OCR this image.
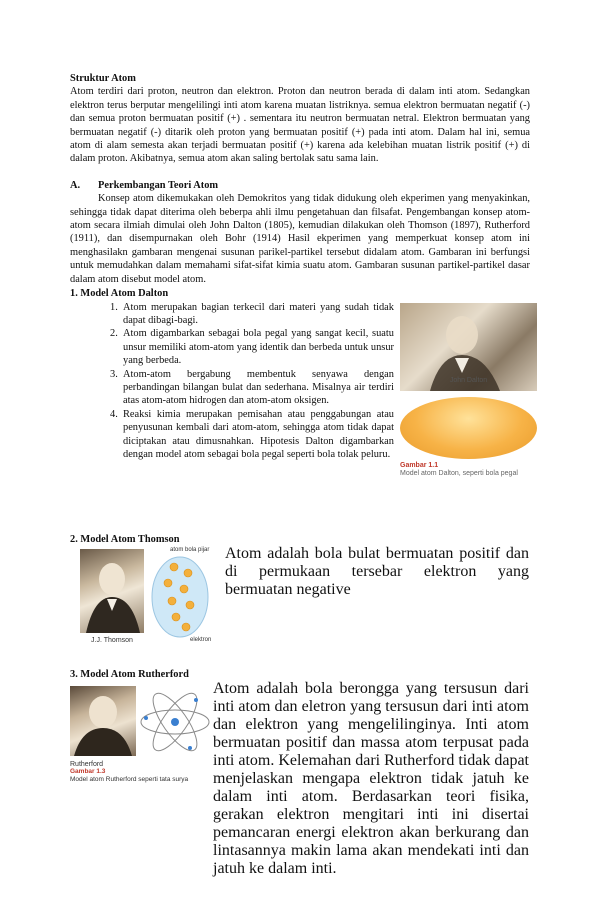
Struktur Atom

Atom terdiri dari proton, neutron dan elektron. Proton dan neutron berada di dalam inti atom. Sedangkan elektron terus berputar mengelilingi inti atom karena muatan listriknya. semua elektron bermuatan negatif (-) dan semua proton bermuatan positif (+) . sementara itu neutron bermuatan netral. Elektron bermuatan yang bermuatan negatif (-) ditarik oleh proton yang bermuatan positif (+) pada inti atom. Dalam hal ini, semua atom di alam semesta akan terjadi bermuatan positif (+) karena ada kelebihan muatan listrik positif (+) di dalam proton. Akibatnya, semua atom akan saling bertolak satu sama lain.

A.	Perkembangan Teori Atom

Konsep atom dikemukakan oleh Demokritos yang tidak didukung oleh ekperimen yang menyakinkan, sehingga tidak dapat diterima oleh beberpa ahli ilmu pengetahuan dan filsafat. Pengembangan konsep atom-atom secara ilmiah dimulai oleh John Dalton (1805), kemudian dilakukan oleh Thomson (1897), Rutherford (1911), dan disempurnakan oleh Bohr (1914) Hasil ekperimen yang memperkuat konsep atom ini menghasilakn gambaran mengenai susunan parikel-partikel tersebut didalam atom. Gambaran ini berfungsi untuk memudahkan dalam memahami sifat-sifat kimia suatu atom. Gambaran susunan partikel-partikel dasar dalam atom disebut model atom.

1. Model Atom Dalton

1. Atom merupakan bagian terkecil dari materi yang sudah tidak dapat dibagi-bagi.
2. Atom digambarkan sebagai bola pegal yang sangat kecil, suatu unsur memiliki atom-atom yang identik dan berbeda untuk unsur yang berbeda.
3. Atom-atom bergabung membentuk senyawa dengan perbandingan bilangan bulat dan sederhana. Misalnya air terdiri atas atom-atom hidrogen dan atom-atom oksigen.
4. Reaksi kimia merupakan pemisahan atau penggabungan atau penyusunan kembali dari atom-atom, sehingga atom tidak dapat diciptakan atau dimusnahkan. Hipotesis Dalton digambarkan dengan model atom sebagai bola pegal seperti bola tolak peluru.
John Dalton
Gambar 1.1
Model atom Dalton, seperti bola pegal
2. Model Atom Thomson
J.J. Thomson
atom bola pijar
elektron

Atom adalah bola bulat bermuatan positif dan di permukaan tersebar elektron yang bermuatan negative

3. Model Atom Rutherford
Rutherford
Gambar 1.3
Model atom Rutherford seperti tata surya

Atom adalah bola berongga yang tersusun dari inti atom dan eletron yang tersusun dari inti atom dan elektron yang mengelilinginya. Inti atom bermuatan positif dan massa atom terpusat pada inti atom. Kelemahan dari Rutherford tidak dapat menjelaskan mengapa elektron tidak jatuh ke dalam inti atom. Berdasarkan teori fisika, gerakan elektron mengitari inti ini disertai pemancaran energi elektron akan berkurang dan lintasannya makin lama akan mendekati inti dan jatuh ke dalam inti.
